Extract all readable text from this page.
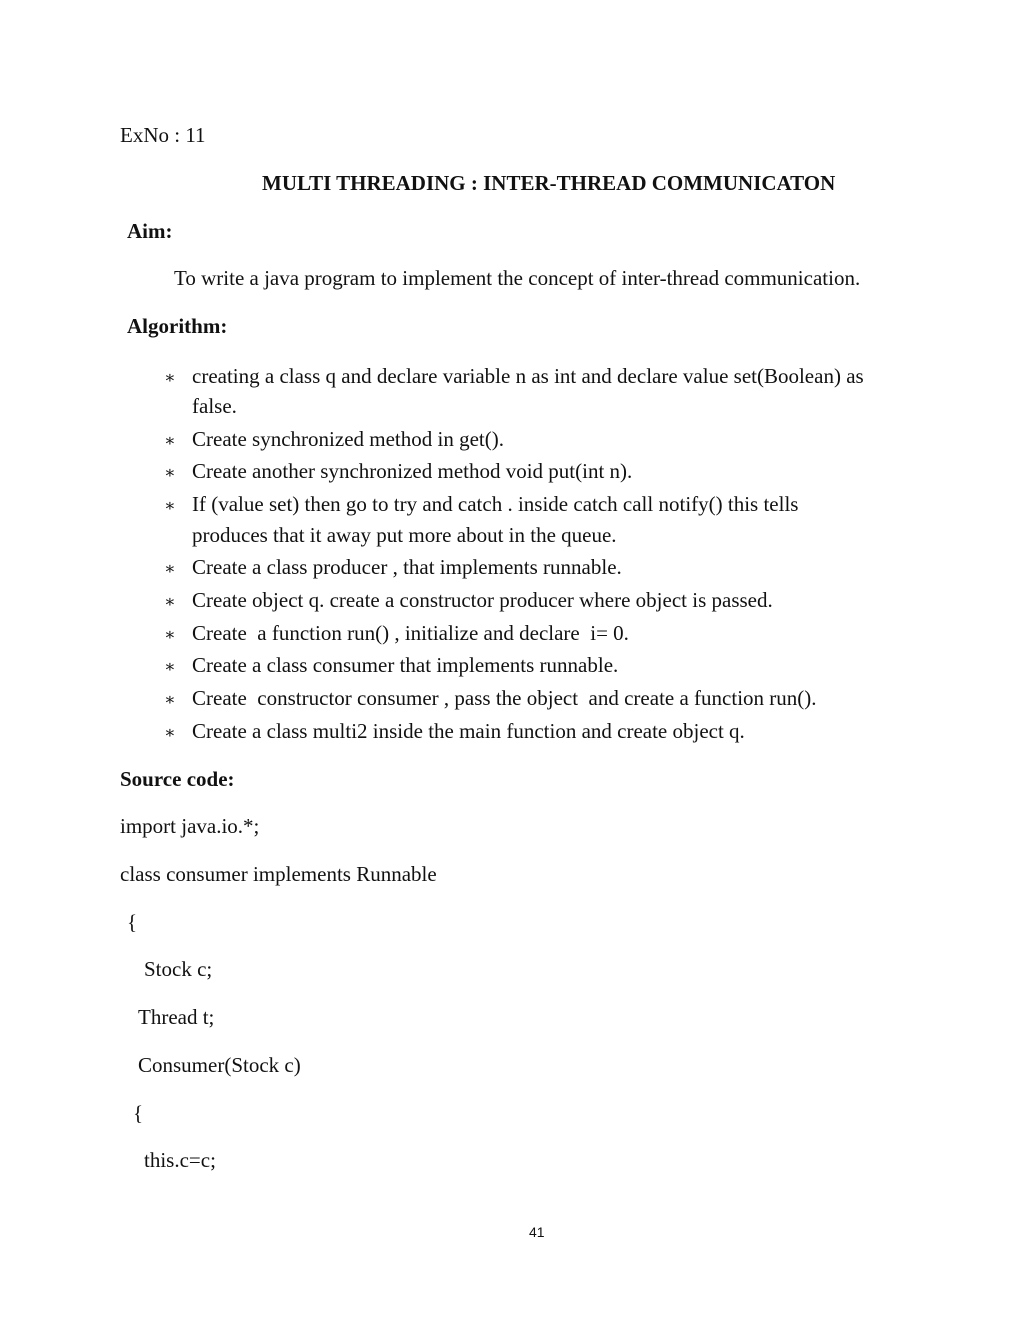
ExNo : 11
MULTI THREADING : INTER-THREAD COMMUNICATON
Aim:
To write a java program to implement the concept of inter-thread communication.
Algorithm:
∗ creating a class q and declare variable n as int and declare value set(Boolean) as
false.
∗ Create synchronized method in get().
∗ Create another synchronized method void put(int n).
∗ If (value set) then go to try and catch . inside catch call notify() this tells
produces that it away put more about in the queue.
∗ Create a class producer , that implements runnable.
∗ Create object q. create a constructor producer where object is passed.
∗ Create  a function run() , initialize and declare  i= 0.
∗ Create a class consumer that implements runnable.
∗ Create  constructor consumer , pass the object  and create a function run().
∗ Create a class multi2 inside the main function and create object q.
Source code:
import java.io.*;
class consumer implements Runnable
{
Stock c;
Thread t;
Consumer(Stock c)
{
this.c=c;
41
